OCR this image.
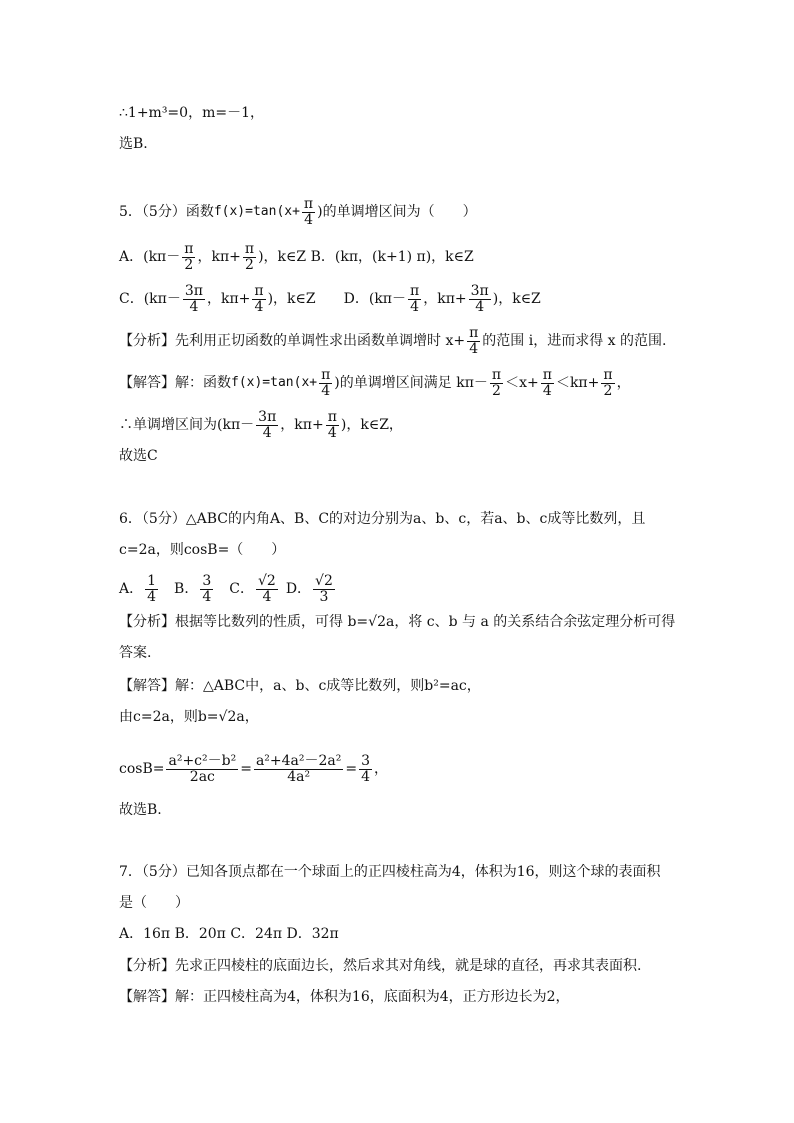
∴1+m³=0，m=－1，
选B.
5．（5分）函数 $f(x)=\tan(x+ \frac{\pi}{4}$ )的单调增区间为（　　）
A．($k\pi- \frac{\pi}{2}$ ，$k\pi+ \frac{\pi}{2}$ )，k∈Z B．(kπ，(k+1) π)，k∈Z
C．($k\pi- \frac{3\pi}{4}$ ，$k\pi+ \frac{\pi}{4}$ )，k∈Z　　D．($k\pi- \frac{\pi}{4}$ ，$k\pi+ \frac{3\pi}{4}$ )，k∈Z
【分析】先利用正切函数的单调性求出函数单调增时 $x+ \frac{\pi}{4}$ 的范围 i，进而求得 x 的范围.
【解答】解：函数 $f(x)=\tan(x+ \frac{\pi}{4}$ )的单调增区间满足 $k\pi- \frac{\pi}{2} <x+ \frac{\pi}{4} <k\pi+ \frac{\pi}{2}$ ，
∴单调增区间为($k\pi- \frac{3\pi}{4}$ ，$k\pi+ \frac{\pi}{4}$ )，k∈Z，
故选C
6．（5分）△ABC的内角A、B、C的对边分别为a、b、c，若a、b、c成等比数列，且
c=2a，则cosB=（　　）
A． $\frac{1}{4}$ B． $\frac{3}{4}$ C． $\frac{√2}{4}$ D． $\frac{√2}{3}$
【分析】根据等比数列的性质，可得 b= √2 a，将 c、b 与 a 的关系结合余弦定理分析可得
答案.
【解答】解：△ABC中，a、b、c成等比数列，则b²=ac，
由c=2a，则b= √2 a，
$\cos B= \frac{\text{a²+c²－b²}}{2ac} = \frac{\text{a²+4a²－2a²}}{\text{4a²}} = \frac{3}{4}$ ，
故选B.
7．（5分）已知各顶点都在一个球面上的正四棱柱高为4，体积为16，则这个球的表面积
是（　　）
A．16π B．20π C．24π D．32π
【分析】先求正四棱柱的底面边长，然后求其对角线，就是球的直径，再求其表面积.
【解答】解：正四棱柱高为4，体积为16，底面积为4，正方形边长为2，
